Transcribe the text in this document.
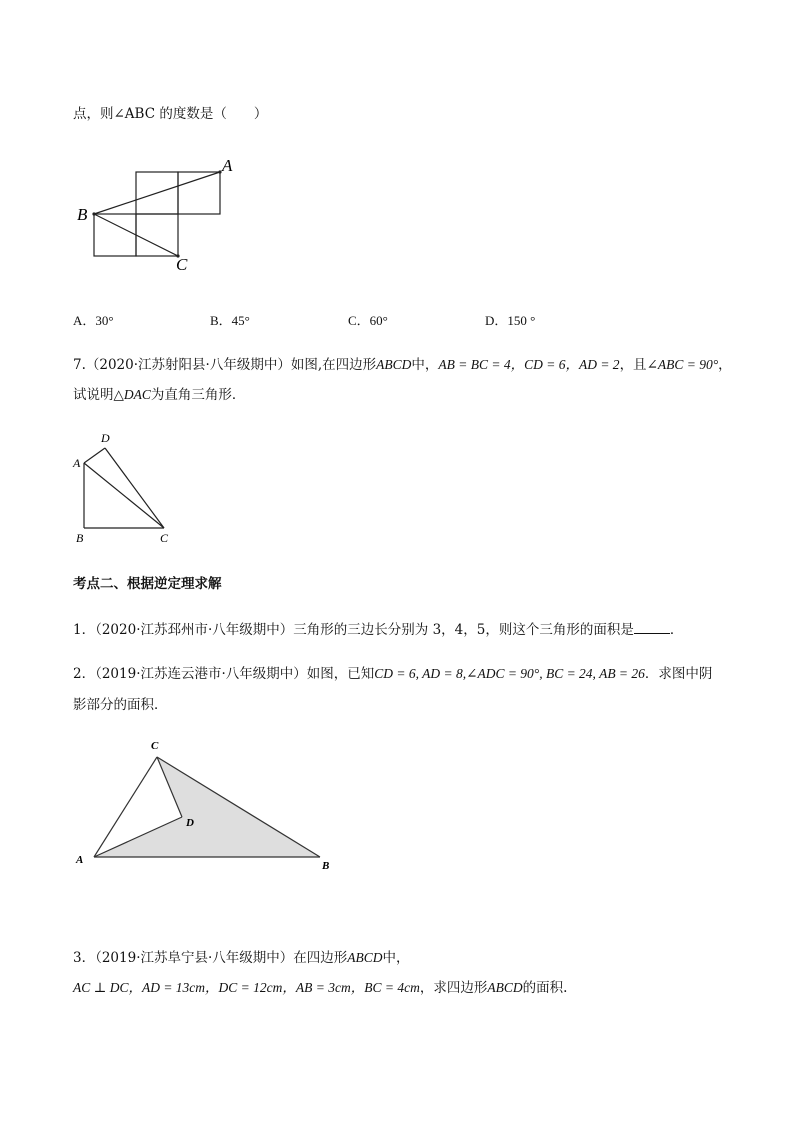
点，则∠ABC 的度数是（　　）
A
B
C
A．30°	B．45°	C．60°	D．150 °
7.（2020·江苏射阳县·八年级期中）如图,在四边形ABCD中，AB = BC = 4，CD = 6，AD = 2，且∠ABC = 90°，
试说明△DAC为直角三角形．
D
A
B	C
考点二、根据逆定理求解
1．（2020·江苏邳州市·八年级期中）三角形的三边长分别为 3，4，5，则这个三角形的面积是	．
2．（2019·江苏连云港市·八年级期中）如图，已知CD = 6, AD = 8,∠ADC = 90°, BC = 24, AB = 26．求图中阴
影部分的面积．
C
D
A	B
3．（2019·江苏阜宁县·八年级期中）在四边形ABCD中，
AC ⊥ DC，AD = 13cm，DC = 12cm，AB = 3cm，BC = 4cm，求四边形ABCD的面积.
